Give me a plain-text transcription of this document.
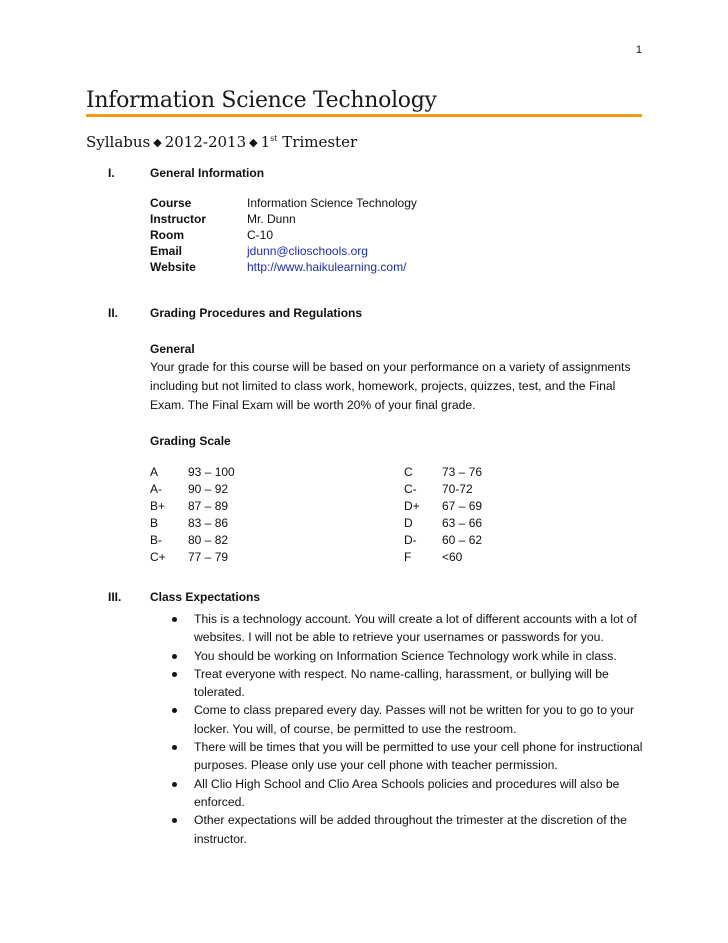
1
Information Science Technology
Syllabus ◆ 2012-2013 ◆ 1st Trimester
I.	General Information
Course	Information Science Technology
Instructor	Mr. Dunn
Room	C-10
Email	jdunn@clioschools.org
Website	http://www.haikulearning.com/
II.	Grading Procedures and Regulations
General
Your grade for this course will be based on your performance on a variety of assignments including but not limited to class work, homework, projects, quizzes, test, and the Final Exam. The Final Exam will be worth 20% of your final grade.
Grading Scale
A 93 – 100
A- 90 – 92
B+ 87 – 89
B 83 – 86
B- 80 – 82
C+ 77 – 79
C 73 – 76
C- 70-72
D+ 67 – 69
D 63 – 66
D- 60 – 62
F	<60
III. Class Expectations
This is a technology account. You will create a lot of different accounts with a lot of websites. I will not be able to retrieve your usernames or passwords for you.
You should be working on Information Science Technology work while in class.
Treat everyone with respect. No name-calling, harassment, or bullying will be tolerated.
Come to class prepared every day. Passes will not be written for you to go to your locker. You will, of course, be permitted to use the restroom.
There will be times that you will be permitted to use your cell phone for instructional purposes. Please only use your cell phone with teacher permission.
All Clio High School and Clio Area Schools policies and procedures will also be enforced.
Other expectations will be added throughout the trimester at the discretion of the instructor.
